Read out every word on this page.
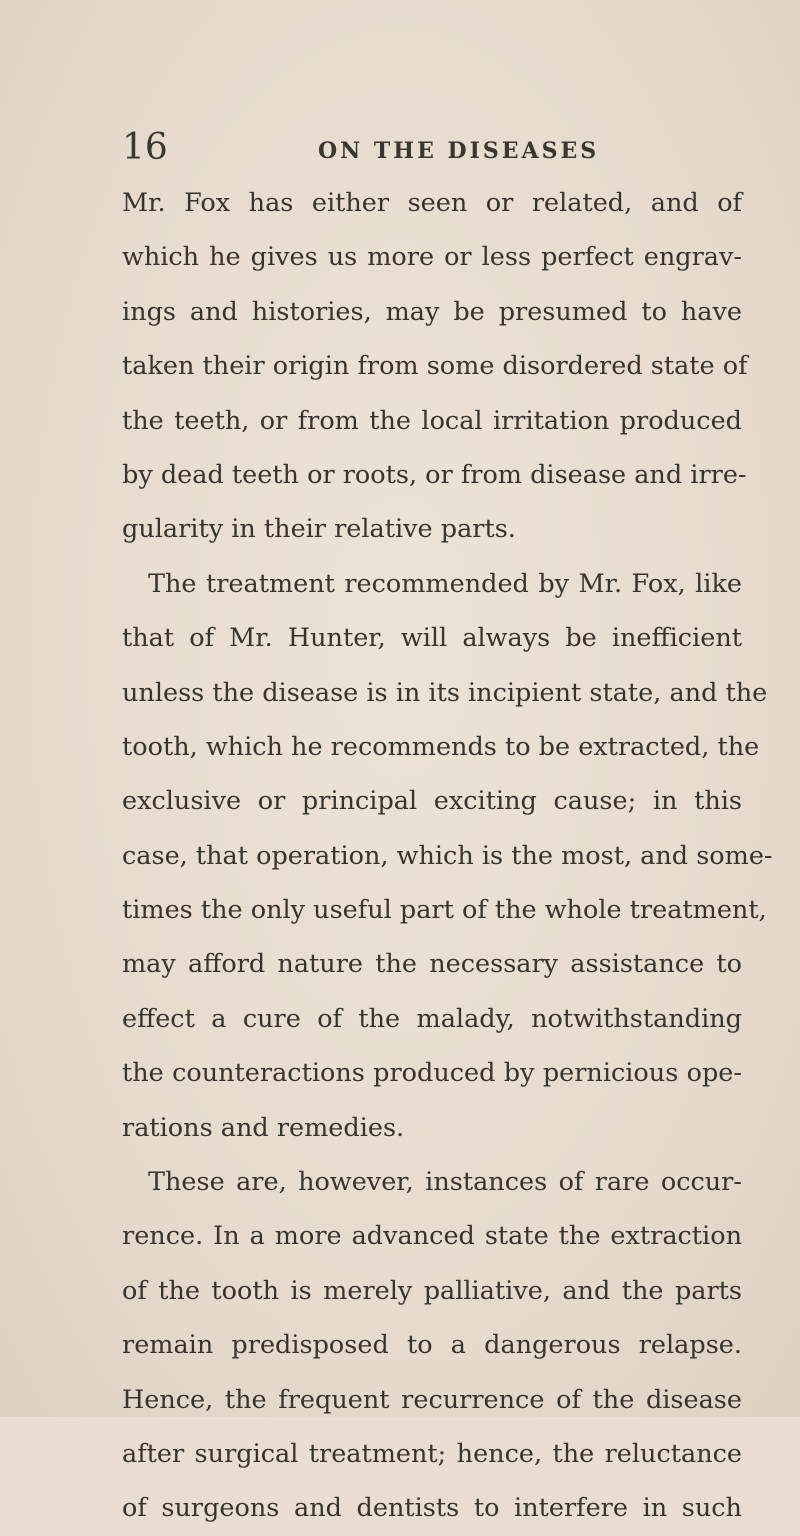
16	ON THE DISEASES
Mr. Fox has either seen or related, and of
which he gives us more or less perfect engrav-
ings and histories, may be presumed to have
taken their origin from some disordered state of
the teeth, or from the local irritation produced
by dead teeth or roots, or from disease and irre-
gularity in their relative parts.
The treatment recommended by Mr. Fox, like
that of Mr. Hunter, will always be inefficient
unless the disease is in its incipient state, and the
tooth, which he recommends to be extracted, the
exclusive or principal exciting cause; in this
case, that operation, which is the most, and some-
times the only useful part of the whole treatment,
may afford nature the necessary assistance to
effect a cure of the malady, notwithstanding
the counteractions produced by pernicious ope-
rations and remedies.
These are, however, instances of rare occur-
rence. In a more advanced state the extraction
of the tooth is merely palliative, and the parts
remain predisposed to a dangerous relapse.
Hence, the frequent recurrence of the disease
after surgical treatment; hence, the reluctance
of surgeons and dentists to interfere in such
